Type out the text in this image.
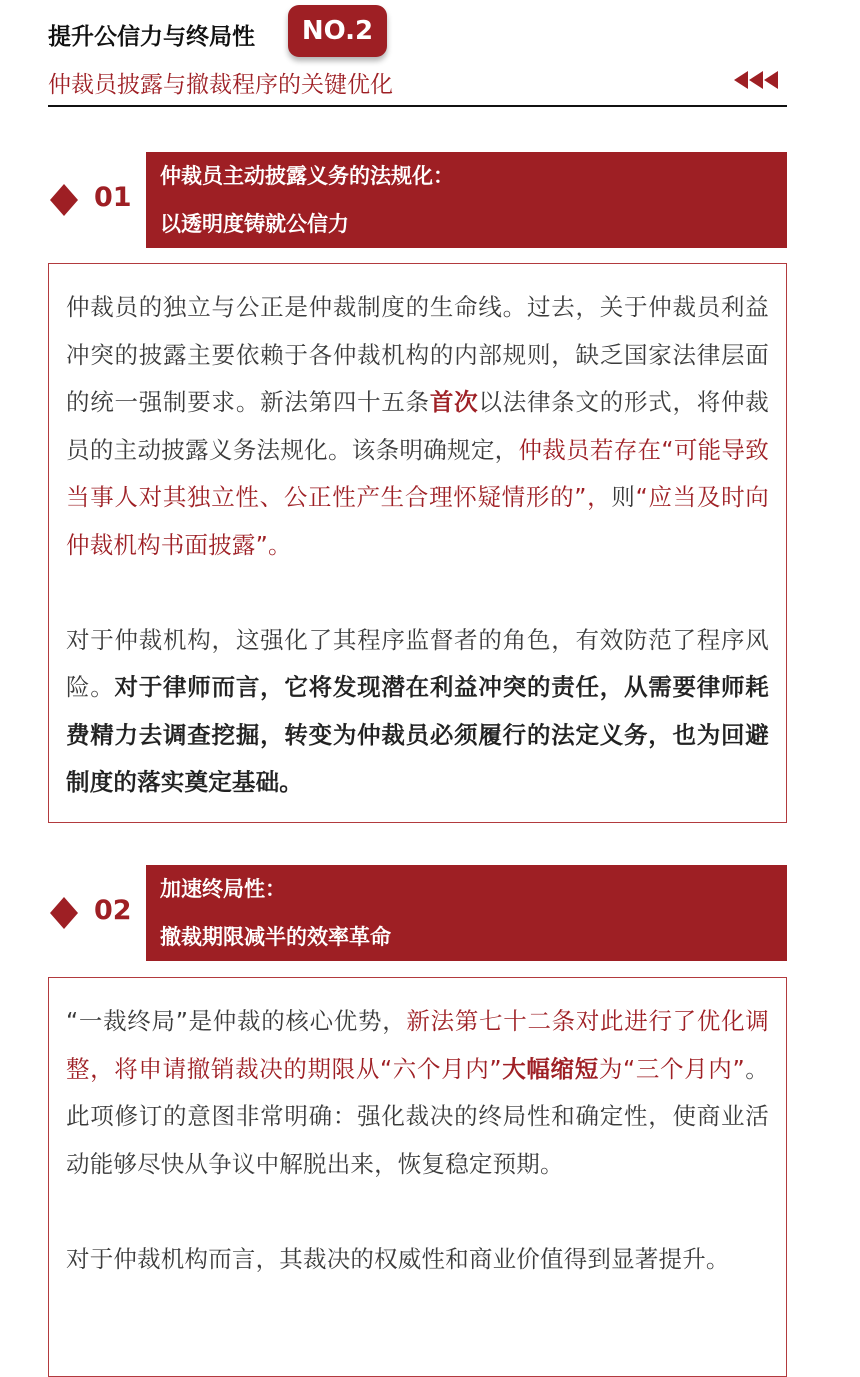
提升公信力与终局性	NO.2
仲裁员披露与撤裁程序的关键优化
01
仲裁员主动披露义务的法规化：
以透明度铸就公信力

仲裁员的独立与公正是仲裁制度的生命线。过去，关于仲裁员利益冲突的披露主要依赖于各仲裁机构的内部规则，缺乏国家法律层面的统一强制要求。新法第四十五条首次以法律条文的形式，将仲裁员的主动披露义务法规化。该条明确规定，仲裁员若存在“可能导致当事人对其独立性、公正性产生合理怀疑情形的”，则“应当及时向仲裁机构书面披露”。

对于仲裁机构，这强化了其程序监督者的角色，有效防范了程序风险。对于律师而言，它将发现潜在利益冲突的责任，从需要律师耗费精力去调查挖掘，转变为仲裁员必须履行的法定义务，也为回避制度的落实奠定基础。

02
加速终局性：
撤裁期限减半的效率革命

“一裁终局”是仲裁的核心优势，新法第七十二条对此进行了优化调整，将申请撤销裁决的期限从“六个月内”大幅缩短为“三个月内”。此项修订的意图非常明确：强化裁决的终局性和确定性，使商业活动能够尽快从争议中解脱出来，恢复稳定预期。

对于仲裁机构而言，其裁决的权威性和商业价值得到显著提升。
